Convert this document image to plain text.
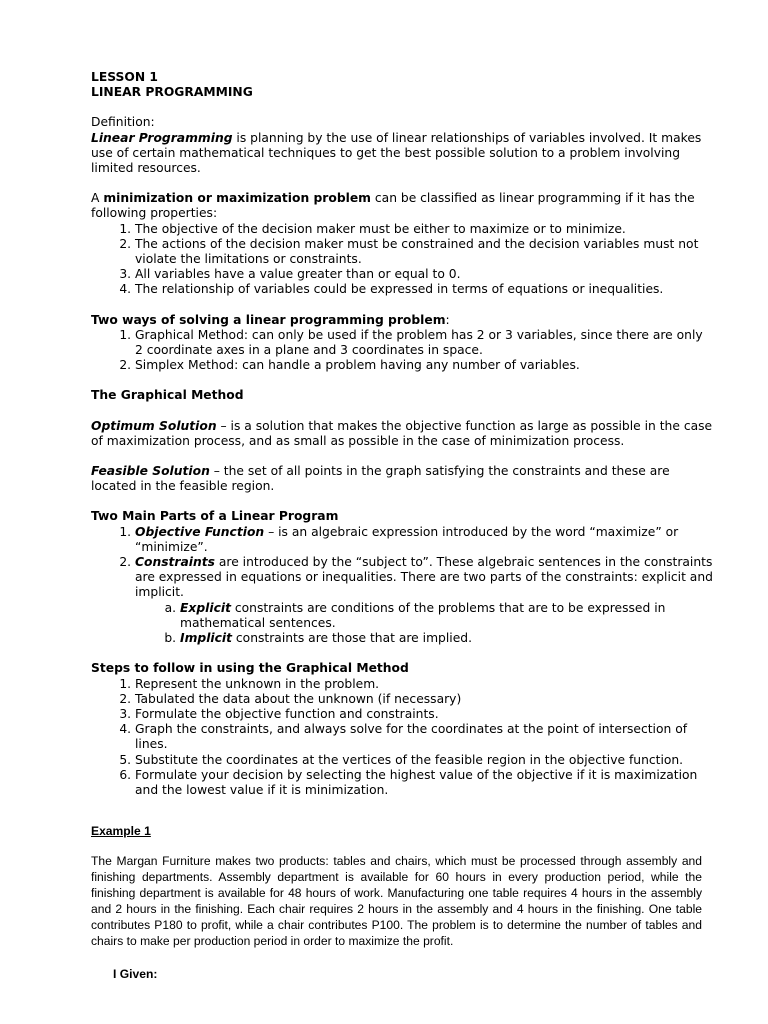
LESSON 1

LINEAR PROGRAMMING

Definition:

Linear Programming is planning by the use of linear relationships of variables involved. It makes use of certain mathematical techniques to get the best possible solution to a problem involving limited resources.

A minimization or maximization problem can be classified as linear programming if it has the following properties:

1. The objective of the decision maker must be either to maximize or to minimize.
2. The actions of the decision maker must be constrained and the decision variables must not violate the limitations or constraints.
3. All variables have a value greater than or equal to 0.
4. The relationship of variables could be expressed in terms of equations or inequalities.

Two ways of solving a linear programming problem:

1. Graphical Method: can only be used if the problem has 2 or 3 variables, since there are only 2 coordinate axes in a plane and 3 coordinates in space.
2. Simplex Method: can handle a problem having any number of variables.

The Graphical Method

Optimum Solution – is a solution that makes the objective function as large as possible in the case of maximization process, and as small as possible in the case of minimization process.

Feasible Solution – the set of all points in the graph satisfying the constraints and these are located in the feasible region.

Two Main Parts of a Linear Program

1. Objective Function – is an algebraic expression introduced by the word “maximize” or “minimize”.
2. Constraints are introduced by the “subject to”. These algebraic sentences in the constraints are expressed in equations or inequalities. There are two parts of the constraints: explicit and implicit.
a. Explicit constraints are conditions of the problems that are to be expressed in mathematical sentences.
b. Implicit constraints are those that are implied.

Steps to follow in using the Graphical Method

1. Represent the unknown in the problem.
2. Tabulated the data about the unknown (if necessary)
3. Formulate the objective function and constraints.
4. Graph the constraints, and always solve for the coordinates at the point of intersection of lines.
5. Substitute the coordinates at the vertices of the feasible region in the objective function.
6. Formulate your decision by selecting the highest value of the objective if it is maximization and the lowest value if it is minimization.

Example 1

The Margan Furniture makes two products: tables and chairs, which must be processed through assembly and finishing departments. Assembly department is available for 60 hours in every production period, while the finishing department is available for 48 hours of work. Manufacturing one table requires 4 hours in the assembly and 2 hours in the finishing. Each chair requires 2 hours in the assembly and 4 hours in the finishing. One table contributes P180 to profit, while a chair contributes P100. The problem is to determine the number of tables and chairs to make per production period in order to maximize the profit.

I Given:
